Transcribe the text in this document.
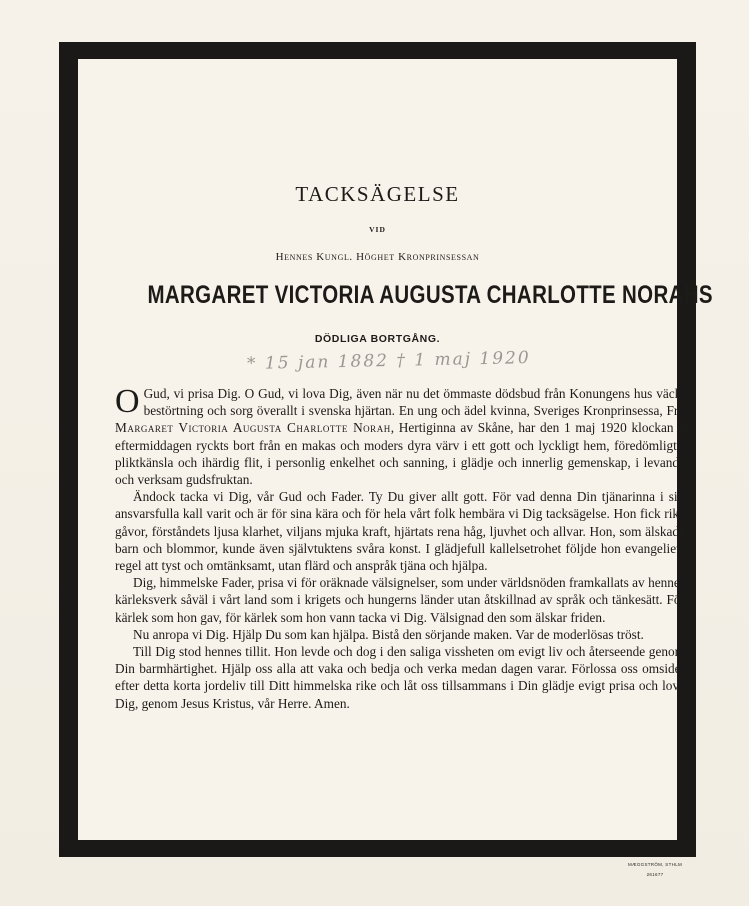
TACKSÄGELSE
VID
Hennes Kungl. Höghet Kronprinsessan
MARGARET VICTORIA AUGUSTA CHARLOTTE NORAHS
DÖDLIGA BORTGÅNG.
* 15 jan 1882 † 1 maj 1920

O Gud, vi prisa Dig. O Gud, vi lova Dig, även när nu det ömmaste dödsbud från Konungens hus väckt bestörtning och sorg överallt i svenska hjärtan. En ung och ädel kvinna, Sveriges Kronprinsessa, Fru Margaret Victoria Augusta Charlotte Norah, Hertiginna av Skåne, har den 1 maj 1920 klockan 2 eftermiddagen ryckts bort från en makas och moders dyra värv i ett gott och lyckligt hem, föredömligt i pliktkänsla och ihärdig flit, i personlig enkelhet och sanning, i glädje och innerlig gemenskap, i levande och verksam gudsfruktan.

Ändock tacka vi Dig, vår Gud och Fader. Ty Du giver allt gott. För vad denna Din tjänarinna i sitt ansvarsfulla kall varit och är för sina kära och för hela vårt folk hembära vi Dig tacksägelse. Hon fick rika gåvor, förståndets ljusa klarhet, viljans mjuka kraft, hjärtats rena håg, ljuvhet och allvar. Hon, som älskade barn och blommor, kunde även självtuktens svåra konst. I glädjefull kallelsetrohet följde hon evangeliets regel att tyst och omtänksamt, utan flärd och anspråk tjäna och hjälpa.

Dig, himmelske Fader, prisa vi för oräknade välsignelser, som under världsnöden framkallats av hennes kärleksverk såväl i vårt land som i krigets och hungerns länder utan åtskillnad av språk och tänkesätt. För kärlek som hon gav, för kärlek som hon vann tacka vi Dig. Välsignad den som älskar friden.

Nu anropa vi Dig. Hjälp Du som kan hjälpa. Bistå den sörjande maken. Var de moderlösas tröst.

Till Dig stod hennes tillit. Hon levde och dog i den saliga vissheten om evigt liv och återseende genom Din barmhärtighet. Hjälp oss alla att vaka och bedja och verka medan dagen varar. Förlossa oss omsider efter detta korta jordeliv till Ditt himmelska rike och låt oss tillsammans i Din glädje evigt prisa och lova Dig, genom Jesus Kristus, vår Herre. Amen.

MÆGGSTRÖM, STHLM
261677
